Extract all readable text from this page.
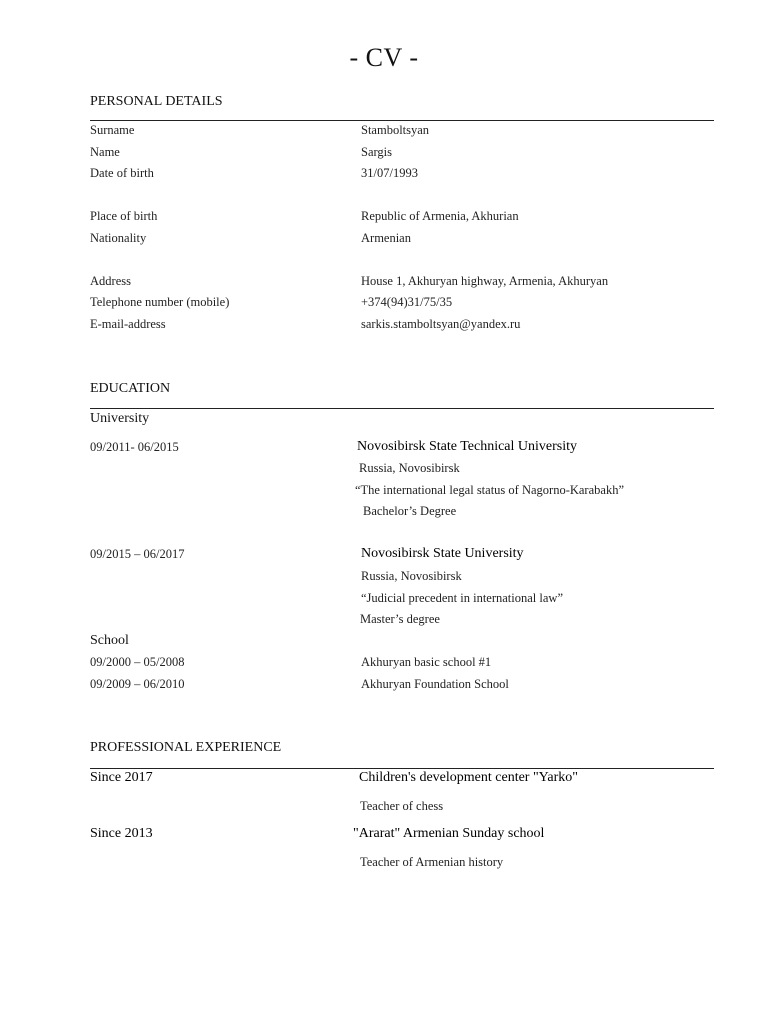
- CV -
PERSONAL DETAILS
Surname	Stamboltsyan
Name	Sargis
Date of birth	31/07/1993
Place of birth	Republic of Armenia, Akhurian
Nationality	Armenian
Address	House 1, Akhuryan highway, Armenia, Akhuryan
Telephone number (mobile)	+374(94)31/75/35
E-mail-address	sarkis.stamboltsyan@yandex.ru
EDUCATION
University
09/2011- 06/2015	Novosibirsk State Technical University
Russia, Novosibirsk
“The international legal status of Nagorno-Karabakh”
Bachelor’s Degree
09/2015 – 06/2017	Novosibirsk State University
Russia, Novosibirsk
“Judicial precedent in international law”
Master’s degree
School
09/2000 – 05/2008	Akhuryan basic school #1
09/2009 – 06/2010	Akhuryan Foundation School
PROFESSIONAL EXPERIENCE
Since 2017	Children's development center "Yarko"
Teacher of chess
Since 2013	"Ararat" Armenian Sunday school
Teacher of Armenian history
